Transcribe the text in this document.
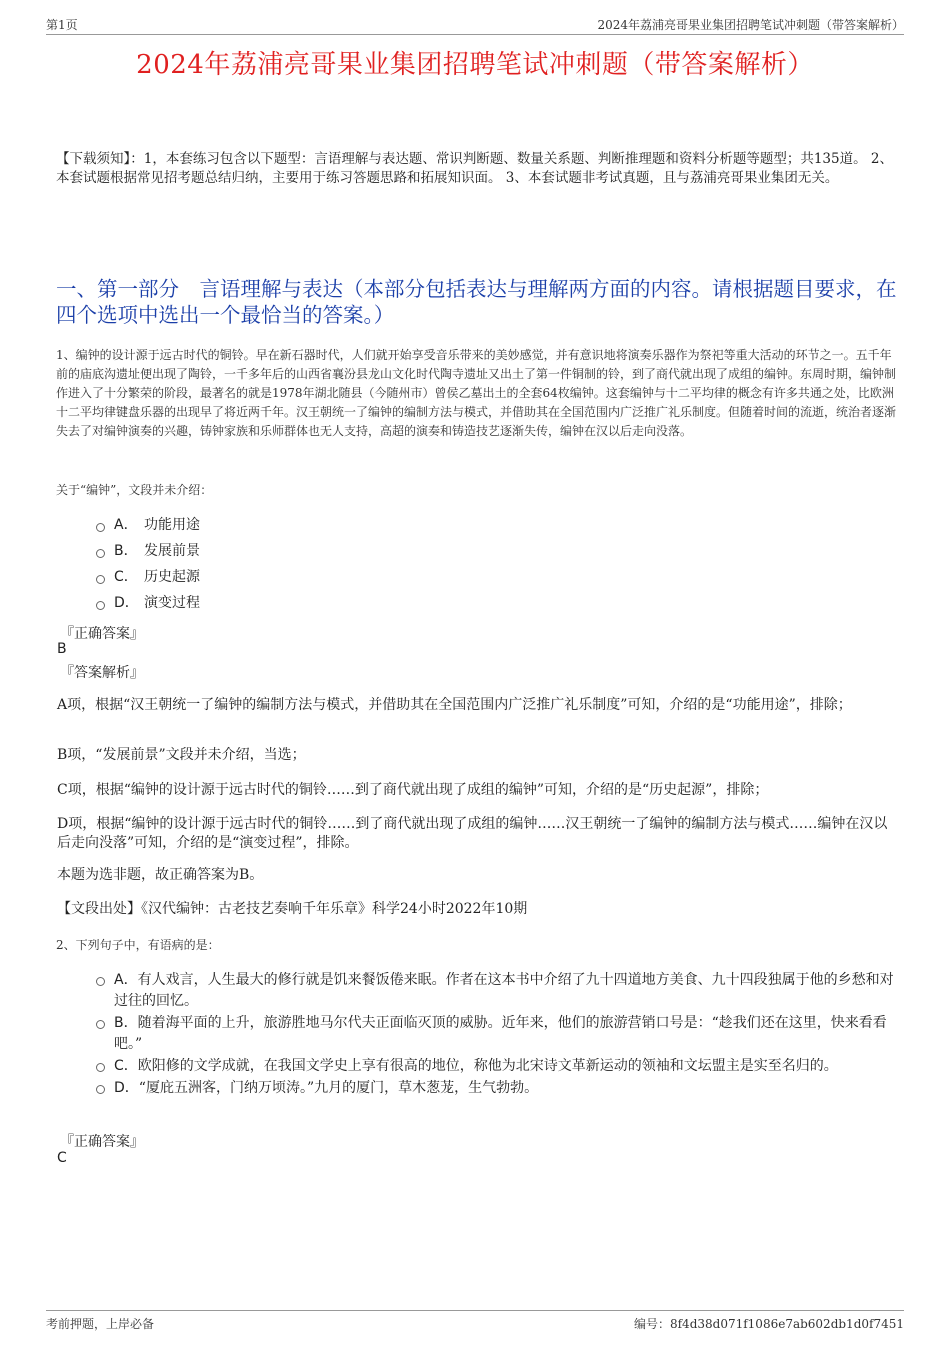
第1页	2024年荔浦亮哥果业集团招聘笔试冲刺题（带答案解析）
2024年荔浦亮哥果业集团招聘笔试冲刺题（带答案解析）
【下载须知】：1，本套练习包含以下题型：言语理解与表达题、常识判断题、数量关系题、判断推理题和资料分析题等题型；共135道。 2、本套试题根据常见招考题总结归纳，主要用于练习答题思路和拓展知识面。 3、本套试题非考试真题，且与荔浦亮哥果业集团无关。
一、第一部分　言语理解与表达（本部分包括表达与理解两方面的内容。请根据题目要求，在四个选项中选出一个最恰当的答案。）
1、编钟的设计源于远古时代的铜铃。早在新石器时代，人们就开始享受音乐带来的美妙感觉，并有意识地将演奏乐器作为祭祀等重大活动的环节之一。五千年前的庙底沟遗址便出现了陶铃，一千多年后的山西省襄汾县龙山文化时代陶寺遗址又出土了第一件铜制的铃，到了商代就出现了成组的编钟。东周时期，编钟制作进入了十分繁荣的阶段，最著名的就是1978年湖北随县（今随州市）曾侯乙墓出土的全套64枚编钟。这套编钟与十二平均律的概念有许多共通之处，比欧洲十二平均律键盘乐器的出现早了将近两千年。汉王朝统一了编钟的编制方法与模式，并借助其在全国范围内广泛推广礼乐制度。但随着时间的流逝，统治者逐渐失去了对编钟演奏的兴趣，铸钟家族和乐师群体也无人支持，高超的演奏和铸造技艺逐渐失传，编钟在汉以后走向没落。
关于“编钟”，文段并未介绍：
A． 功能用途
B． 发展前景
C． 历史起源
D． 演变过程
『正确答案』
B
『答案解析』
A项，根据“汉王朝统一了编钟的编制方法与模式，并借助其在全国范围内广泛推广礼乐制度”可知，介绍的是“功能用途”，排除；
B项，“发展前景”文段并未介绍，当选；
C项，根据“编钟的设计源于远古时代的铜铃……到了商代就出现了成组的编钟”可知，介绍的是“历史起源”，排除；
D项，根据“编钟的设计源于远古时代的铜铃……到了商代就出现了成组的编钟……汉王朝统一了编钟的编制方法与模式……编钟在汉以后走向没落”可知，介绍的是“演变过程”，排除。
本题为选非题，故正确答案为B。
【文段出处】《汉代编钟：古老技艺奏响千年乐章》科学24小时2022年10期
2、下列句子中，有语病的是：
A．有人戏言，人生最大的修行就是饥来餐饭倦来眠。作者在这本书中介绍了九十四道地方美食、九十四段独属于他的乡愁和对过往的回忆。
B．随着海平面的上升，旅游胜地马尔代夫正面临灭顶的威胁。近年来，他们的旅游营销口号是：“趁我们还在这里，快来看看吧。”
C．欧阳修的文学成就，在我国文学史上享有很高的地位，称他为北宋诗文革新运动的领袖和文坛盟主是实至名归的。
D．“厦庇五洲客，门纳万顷涛。”九月的厦门，草木葱茏，生气勃勃。
『正确答案』
C
考前押题，上岸必备	编号：8f4d38d071f1086e7ab602db1d0f7451
